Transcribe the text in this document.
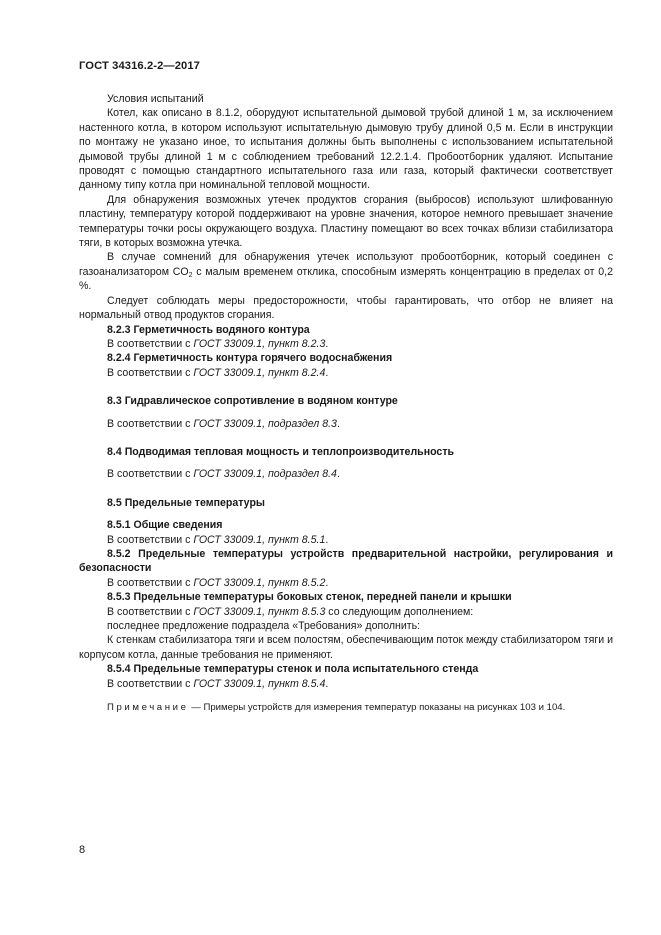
ГОСТ 34316.2-2—2017

Условия испытаний

Котел, как описано в 8.1.2, оборудуют испытательной дымовой трубой длиной 1 м, за исключением настенного котла, в котором используют испытательную дымовую трубу длиной 0,5 м. Если в инструкции по монтажу не указано иное, то испытания должны быть выполнены с использованием испытательной дымовой трубы длиной 1 м с соблюдением требований 12.2.1.4. Пробоотборник удаляют. Испытание проводят с помощью стандартного испытательного газа или газа, который фактически соответствует данному типу котла при номинальной тепловой мощности.

Для обнаружения возможных утечек продуктов сгорания (выбросов) используют шлифованную пластину, температуру которой поддерживают на уровне значения, которое немного превышает значение температуры точки росы окружающего воздуха. Пластину помещают во всех точках вблизи стабилизатора тяги, в которых возможна утечка.

В случае сомнений для обнаружения утечек используют пробоотборник, который соединен с газоанализатором $CO_2$ с малым временем отклика, способным измерять концентрацию в пределах от 0,2 %.

Следует соблюдать меры предосторожности, чтобы гарантировать, что отбор не влияет на нормальный отвод продуктов сгорания.

8.2.3 Герметичность водяного контура

В соответствии с ГОСТ 33009.1, пункт 8.2.3.

8.2.4 Герметичность контура горячего водоснабжения

В соответствии с ГОСТ 33009.1, пункт 8.2.4.

8.3 Гидравлическое сопротивление в водяном контуре

В соответствии с ГОСТ 33009.1, подраздел 8.3.

8.4 Подводимая тепловая мощность и теплопроизводительность

В соответствии с ГОСТ 33009.1, подраздел 8.4.

8.5 Предельные температуры

8.5.1 Общие сведения

В соответствии с ГОСТ 33009.1, пункт 8.5.1.

8.5.2 Предельные температуры устройств предварительной настройки, регулирования и безопасности

В соответствии с ГОСТ 33009.1, пункт 8.5.2.

8.5.3 Предельные температуры боковых стенок, передней панели и крышки

В соответствии с ГОСТ 33009.1, пункт 8.5.3 со следующим дополнением:

последнее предложение подраздела «Требования» дополнить:

К стенкам стабилизатора тяги и всем полостям, обеспечивающим поток между стабилизатором тяги и корпусом котла, данные требования не применяют.

8.5.4 Предельные температуры стенок и пола испытательного стенда

В соответствии с ГОСТ 33009.1, пункт 8.5.4.

Примечание — Примеры устройств для измерения температур показаны на рисунках 103 и 104.

8
